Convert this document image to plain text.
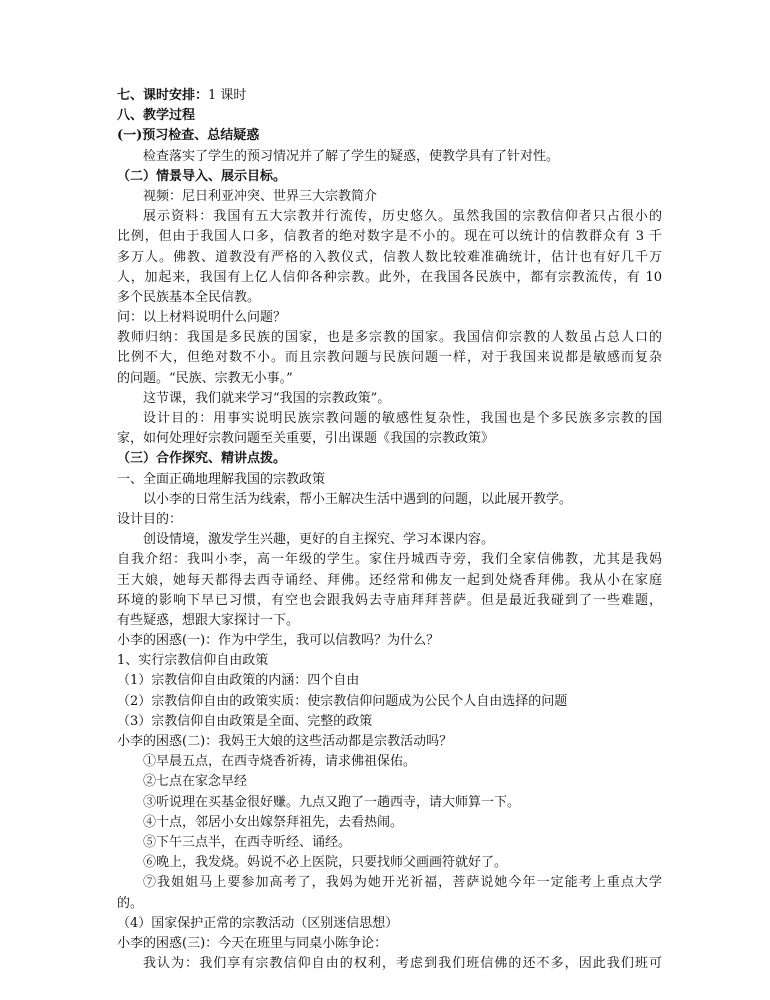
七、课时安排：1 课时
八、教学过程
(一)预习检查、总结疑惑
检查落实了学生的预习情况并了解了学生的疑惑，使教学具有了针对性。
（二）情景导入、展示目标。
视频：尼日利亚冲突、世界三大宗教简介
展示资料：我国有五大宗教并行流传，历史悠久。虽然我国的宗教信仰者只占很小的
比例，但由于我国人口多，信教者的绝对数字是不小的。现在可以统计的信教群众有 3 千
多万人。佛教、道教没有严格的入教仪式，信教人数比较难准确统计，估计也有好几千万
人，加起来，我国有上亿人信仰各种宗教。此外，在我国各民族中，都有宗教流传，有 10
多个民族基本全民信教。
问：以上材料说明什么问题？
教师归纳：我国是多民族的国家，也是多宗教的国家。我国信仰宗教的人数虽占总人口的
比例不大，但绝对数不小。而且宗教问题与民族问题一样，对于我国来说都是敏感而复杂
的问题。“民族、宗教无小事。”
这节课，我们就来学习“我国的宗教政策”。
设计目的：用事实说明民族宗教问题的敏感性复杂性，我国也是个多民族多宗教的国
家，如何处理好宗教问题至关重要，引出课题《我国的宗教政策》
（三）合作探究、精讲点拨。
一、全面正确地理解我国的宗教政策
以小李的日常生活为线索，帮小王解决生活中遇到的问题，以此展开教学。
设计目的：
创设情境，激发学生兴趣，更好的自主探究、学习本课内容。
自我介绍：我叫小李，高一年级的学生。家住丹城西寺旁，我们全家信佛教，尤其是我妈
王大娘，她每天都得去西寺诵经、拜佛。还经常和佛友一起到处烧香拜佛。我从小在家庭
环境的影响下早已习惯，有空也会跟我妈去寺庙拜拜菩萨。但是最近我碰到了一些难题，
有些疑惑，想跟大家探讨一下。
小李的困惑(一)：作为中学生，我可以信教吗？为什么？
1、实行宗教信仰自由政策
（1）宗教信仰自由政策的内涵：四个自由
（2）宗教信仰自由的政策实质：使宗教信仰问题成为公民个人自由选择的问题
（3）宗教信仰自由政策是全面、完整的政策
小李的困惑(二)：我妈王大娘的这些活动都是宗教活动吗？
①早晨五点，在西寺烧香祈祷，请求佛祖保佑。
②七点在家念早经
③听说理在买基金很好赚。九点又跑了一趟西寺，请大师算一下。
④十点，邻居小女出嫁祭拜祖先，去看热闹。
⑤下午三点半，在西寺听经、诵经。
⑥晚上，我发烧。妈说不必上医院，只要找师父画画符就好了。
⑦我姐姐马上要参加高考了，我妈为她开光祈福，菩萨说她今年一定能考上重点大学
的。
（4）国家保护正常的宗教活动（区别迷信思想）
小李的困惑(三)：今天在班里与同桌小陈争论：
我认为：我们享有宗教信仰自由的权利，考虑到我们班信佛的还不多，因此我们班可
